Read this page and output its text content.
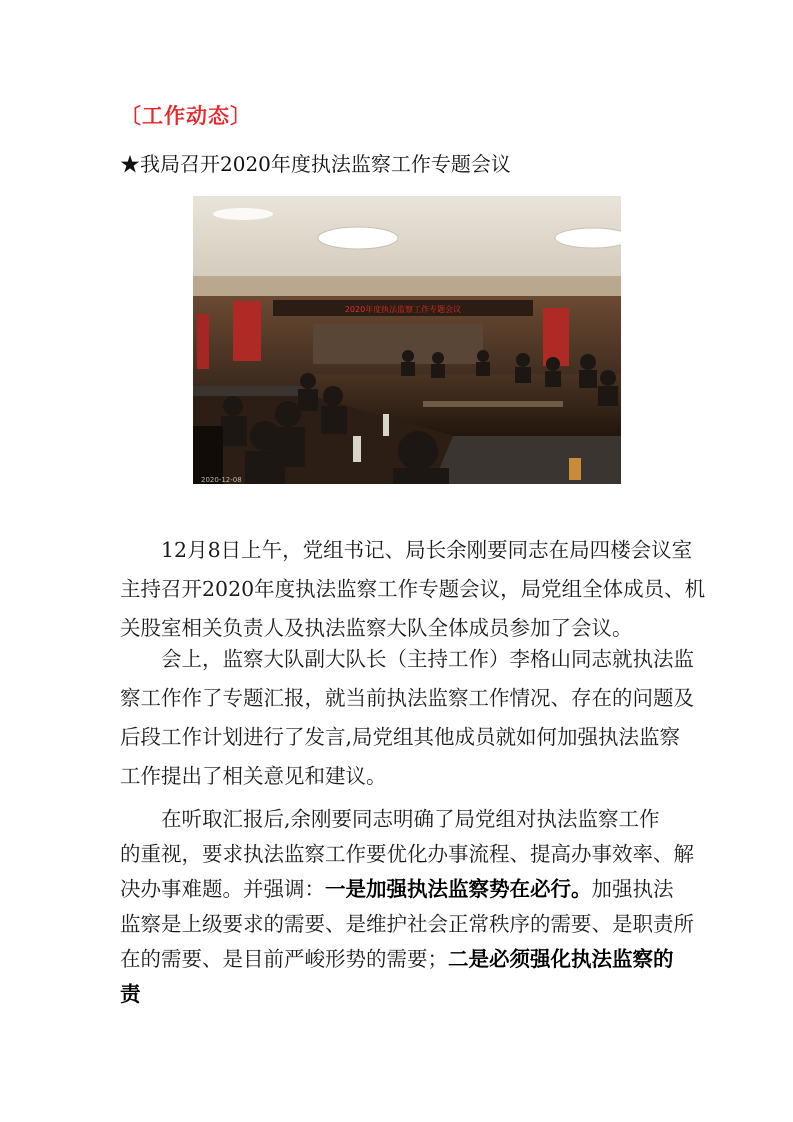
〔工作动态〕
★我局召开2020年度执法监察工作专题会议
2020年度执法监察工作专题会议
2020-12-08

12月8日上午，党组书记、局长余刚要同志在局四楼会议室
主持召开2020年度执法监察工作专题会议，局党组全体成员、机
关股室相关负责人及执法监察大队全体成员参加了会议。

会上，监察大队副大队长（主持工作）李格山同志就执法监
察工作作了专题汇报，就当前执法监察工作情况、存在的问题及
后段工作计划进行了发言,局党组其他成员就如何加强执法监察
工作提出了相关意见和建议。

在听取汇报后,余刚要同志明确了局党组对执法监察工作
的重视，要求执法监察工作要优化办事流程、提高办事效率、解
决办事难题。并强调：一是加强执法监察势在必行。加强执法
监察是上级要求的需要、是维护社会正常秩序的需要、是职责所
在的需要、是目前严峻形势的需要；二是必须强化执法监察的
责
